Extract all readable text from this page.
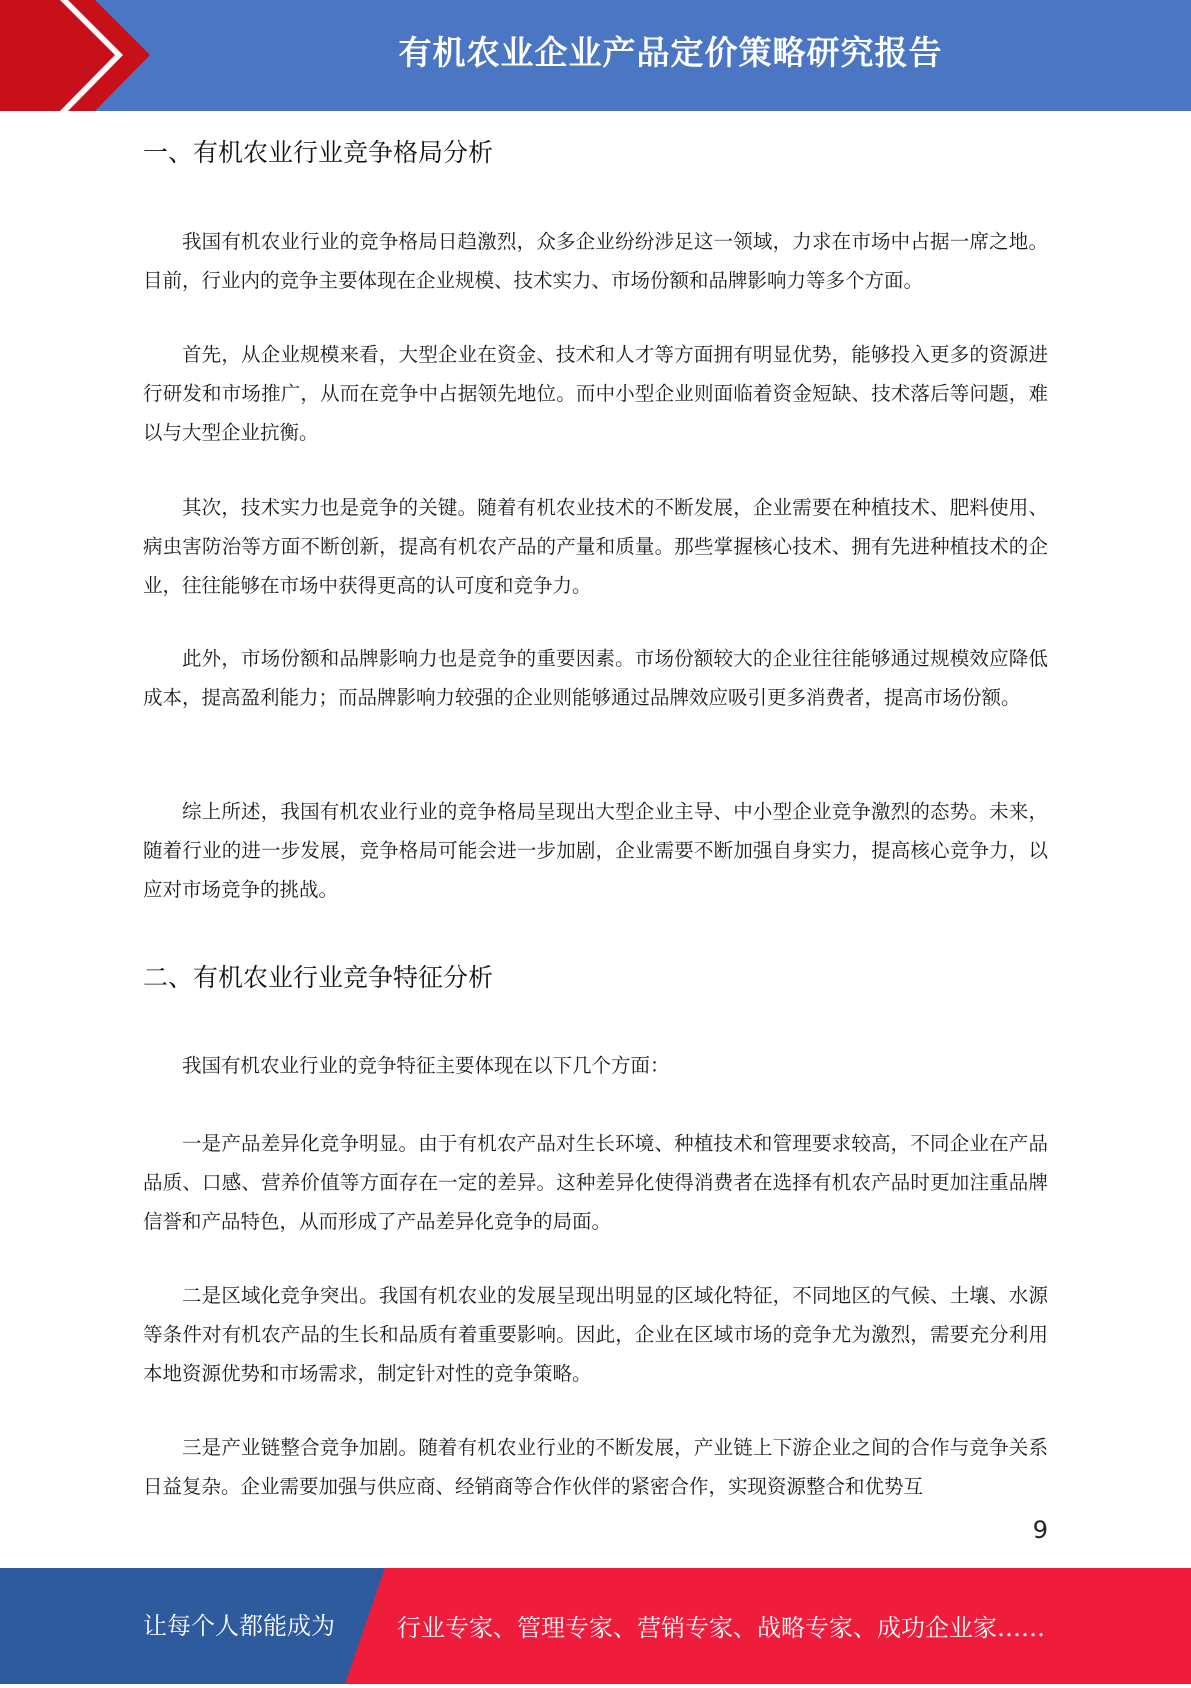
有机农业企业产品定价策略研究报告
一、有机农业行业竞争格局分析

我国有机农业行业的竞争格局日趋激烈，众多企业纷纷涉足这一领域，力求在市场中占据一席之地。目前，行业内的竞争主要体现在企业规模、技术实力、市场份额和品牌影响力等多个方面。

首先，从企业规模来看，大型企业在资金、技术和人才等方面拥有明显优势，能够投入更多的资源进行研发和市场推广，从而在竞争中占据领先地位。而中小型企业则面临着资金短缺、技术落后等问题，难以与大型企业抗衡。

其次，技术实力也是竞争的关键。随着有机农业技术的不断发展，企业需要在种植技术、肥料使用、病虫害防治等方面不断创新，提高有机农产品的产量和质量。那些掌握核心技术、拥有先进种植技术的企业，往往能够在市场中获得更高的认可度和竞争力。

此外，市场份额和品牌影响力也是竞争的重要因素。市场份额较大的企业往往能够通过规模效应降低成本，提高盈利能力；而品牌影响力较强的企业则能够通过品牌效应吸引更多消费者，提高市场份额。

综上所述，我国有机农业行业的竞争格局呈现出大型企业主导、中小型企业竞争激烈的态势。未来，随着行业的进一步发展，竞争格局可能会进一步加剧，企业需要不断加强自身实力，提高核心竞争力，以应对市场竞争的挑战。

二、有机农业行业竞争特征分析

我国有机农业行业的竞争特征主要体现在以下几个方面：

一是产品差异化竞争明显。由于有机农产品对生长环境、种植技术和管理要求较高，不同企业在产品品质、口感、营养价值等方面存在一定的差异。这种差异化使得消费者在选择有机农产品时更加注重品牌信誉和产品特色，从而形成了产品差异化竞争的局面。

二是区域化竞争突出。我国有机农业的发展呈现出明显的区域化特征，不同地区的气候、土壤、水源等条件对有机农产品的生长和品质有着重要影响。因此，企业在区域市场的竞争尤为激烈，需要充分利用本地资源优势和市场需求，制定针对性的竞争策略。

三是产业链整合竞争加剧。随着有机农业行业的不断发展，产业链上下游企业之间的合作与竞争关系日益复杂。企业需要加强与供应商、经销商等合作伙伴的紧密合作，实现资源整合和优势互

9
让每个人都能成为	行业专家、管理专家、营销专家、战略专家、成功企业家……
